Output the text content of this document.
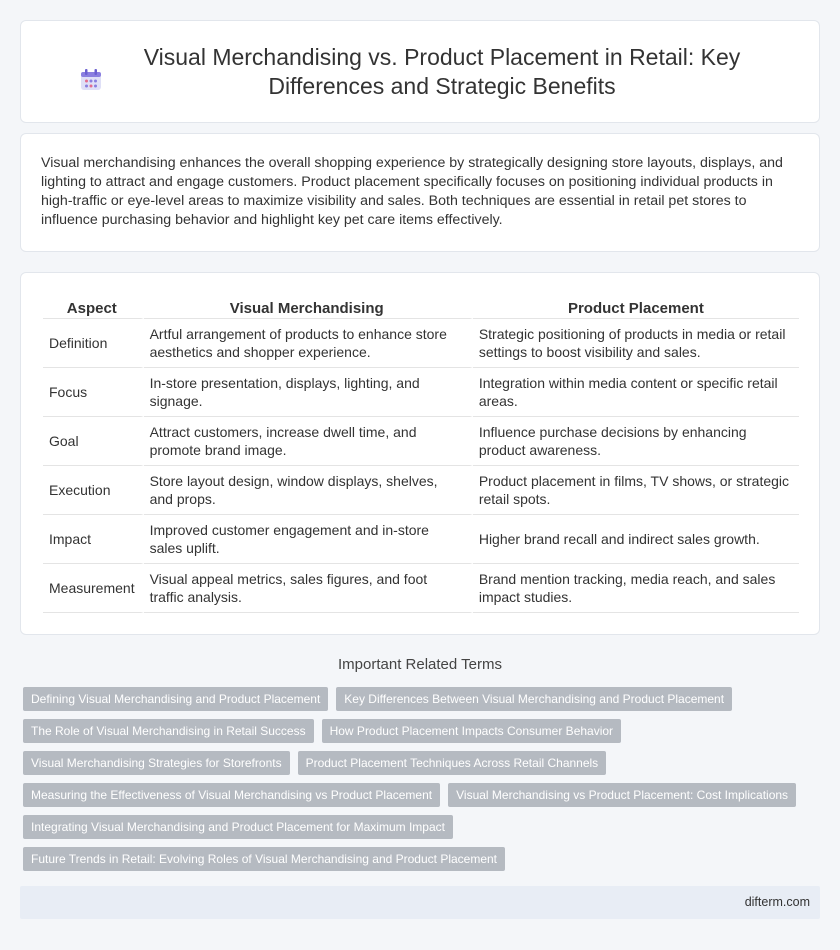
Visual Merchandising vs. Product Placement in Retail: Key Differences and Strategic Benefits

Visual merchandising enhances the overall shopping experience by strategically designing store layouts, displays, and lighting to attract and engage customers. Product placement specifically focuses on positioning individual products in high-traffic or eye-level areas to maximize visibility and sales. Both techniques are essential in retail pet stores to influence purchasing behavior and highlight key pet care items effectively.

Aspect	Visual Merchandising	Product Placement
Definition	Artful arrangement of products to enhance store aesthetics and shopper experience.	Strategic positioning of products in media or retail settings to boost visibility and sales.
Focus	In-store presentation, displays, lighting, and signage.	Integration within media content or specific retail areas.
Goal	Attract customers, increase dwell time, and promote brand image.	Influence purchase decisions by enhancing product awareness.
Execution	Store layout design, window displays, shelves, and props.	Product placement in films, TV shows, or strategic retail spots.
Impact	Improved customer engagement and in-store sales uplift.	Higher brand recall and indirect sales growth.
Measurement	Visual appeal metrics, sales figures, and foot traffic analysis.	Brand mention tracking, media reach, and sales impact studies.
Important Related Terms
Defining Visual Merchandising and Product Placement	Key Differences Between Visual Merchandising and Product Placement
The Role of Visual Merchandising in Retail Success	How Product Placement Impacts Consumer Behavior
Visual Merchandising Strategies for Storefronts	Product Placement Techniques Across Retail Channels
Measuring the Effectiveness of Visual Merchandising vs Product Placement	Visual Merchandising vs Product Placement: Cost Implications
Integrating Visual Merchandising and Product Placement for Maximum Impact
Future Trends in Retail: Evolving Roles of Visual Merchandising and Product Placement
difterm.com
